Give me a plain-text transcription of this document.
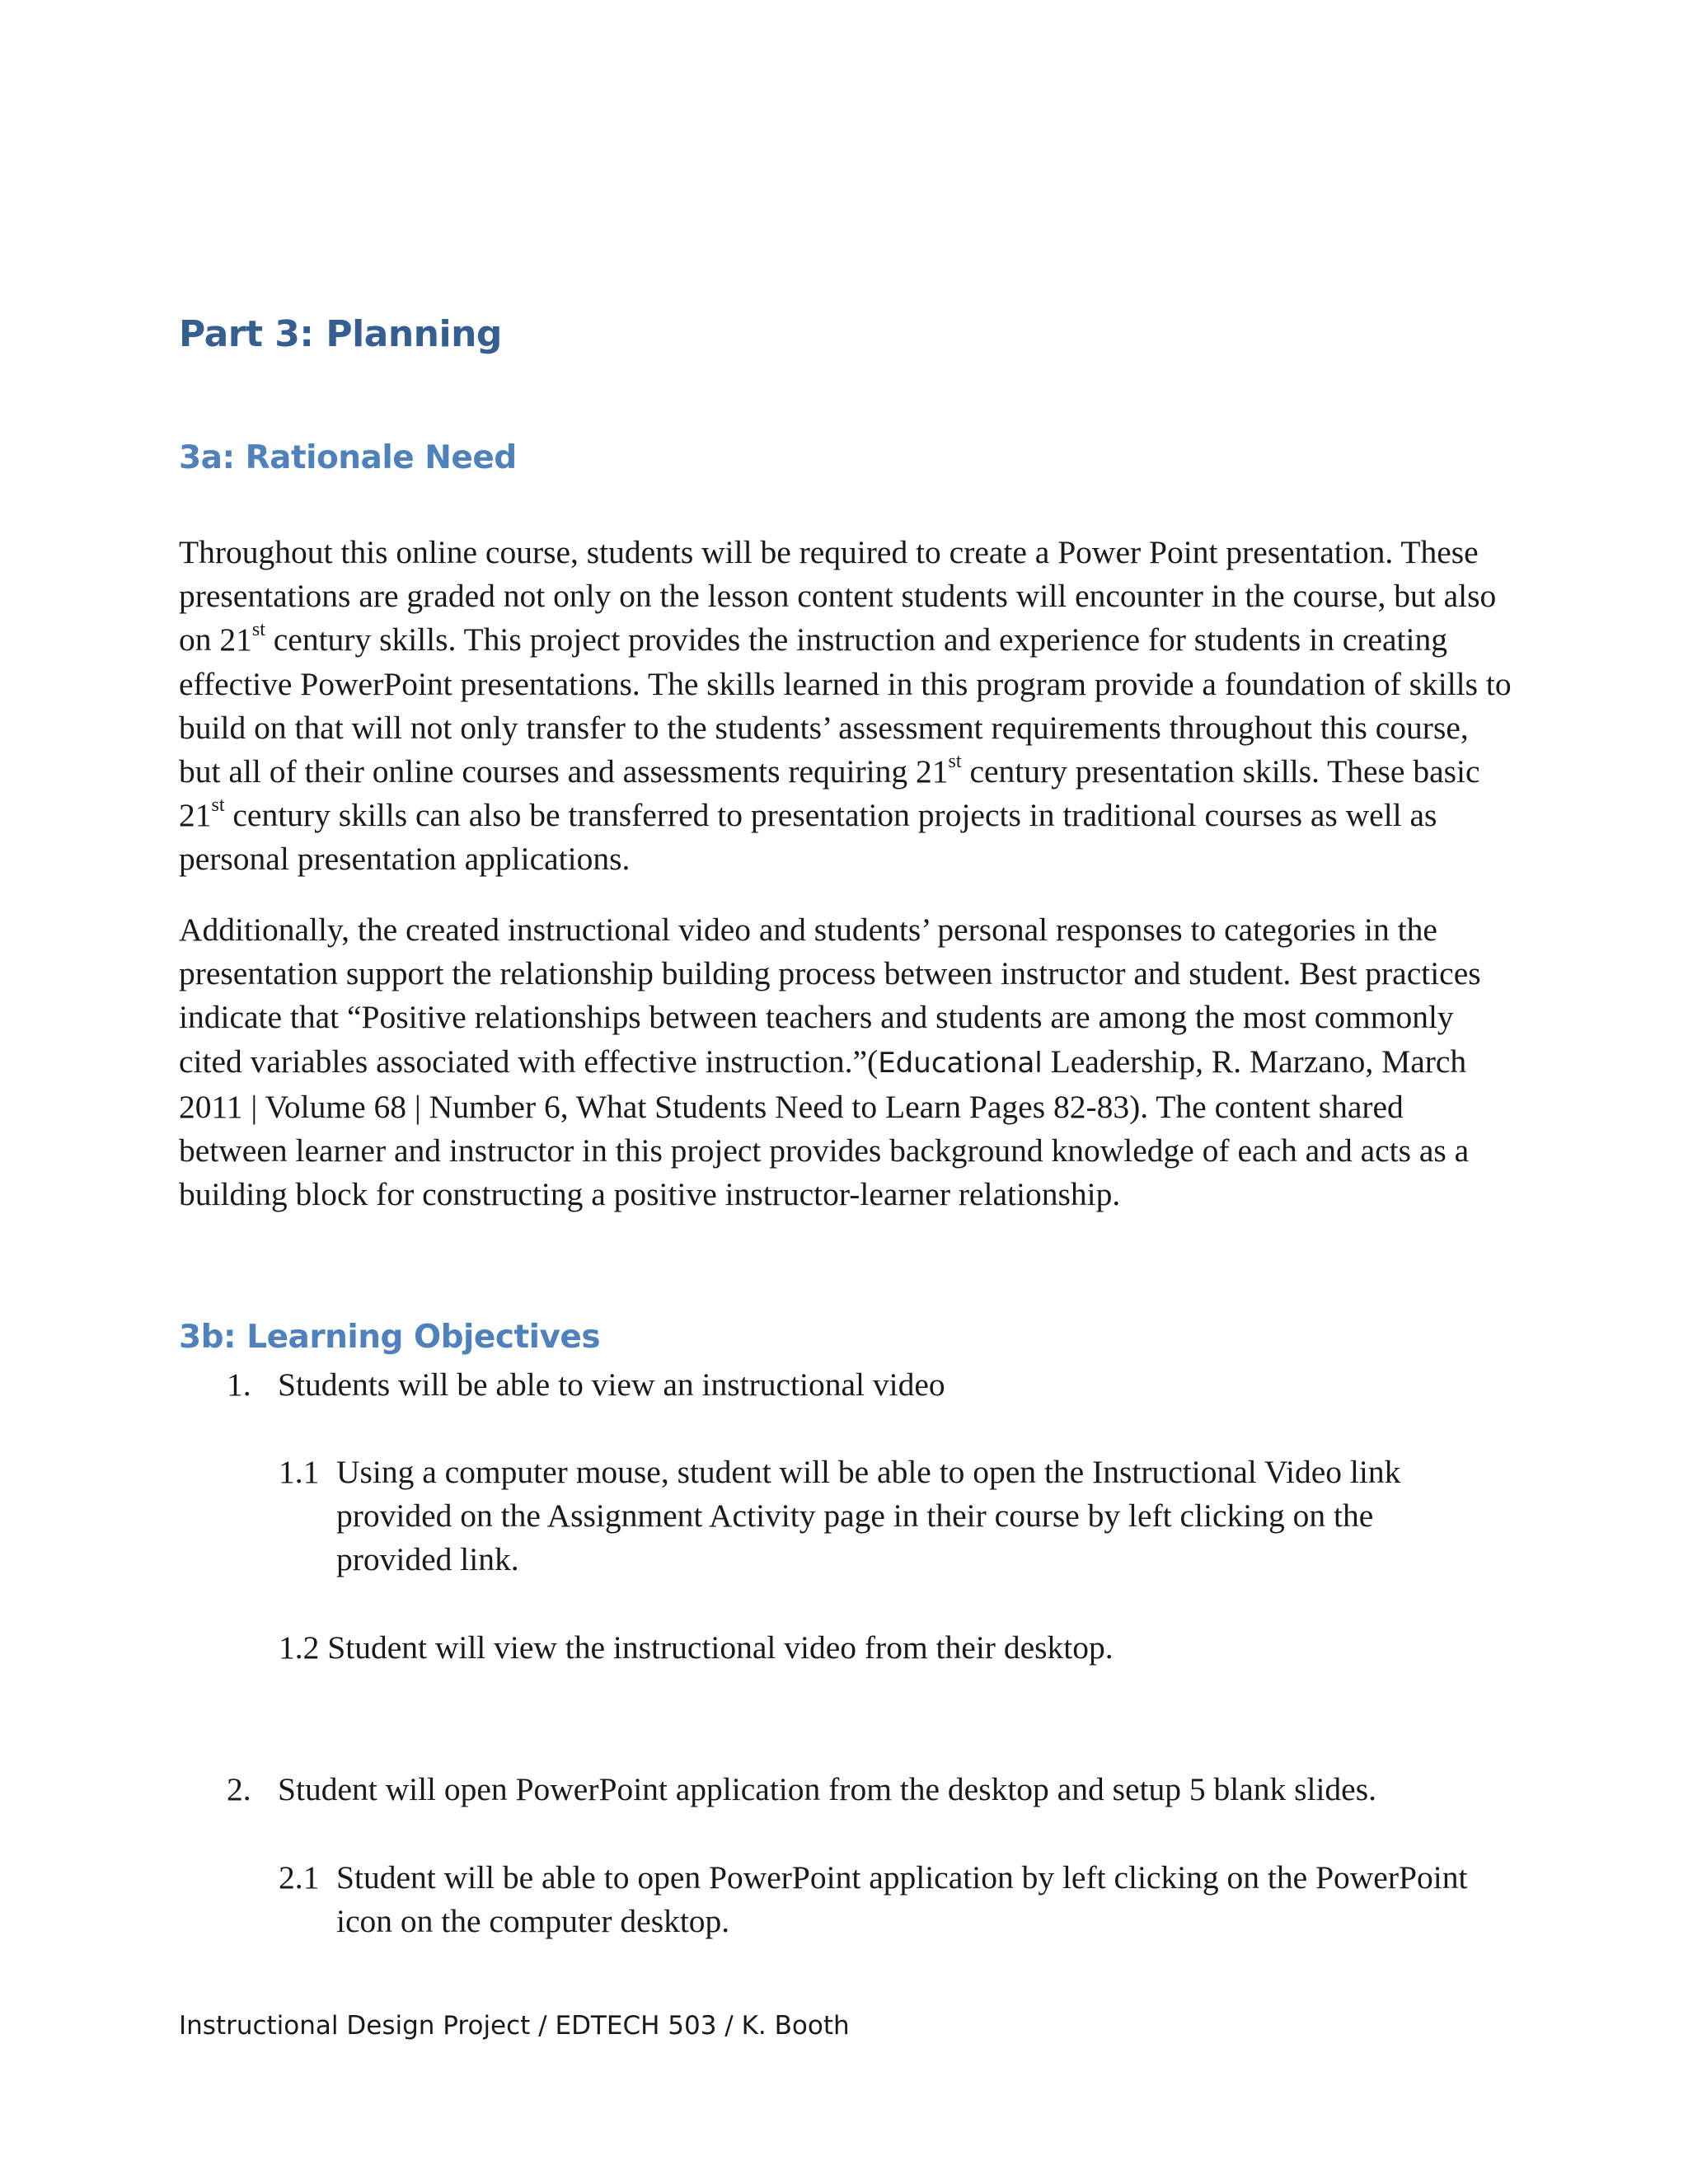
Part 3: Planning
3a: Rationale Need

Throughout this online course, students will be required to create a Power Point presentation. These presentations are graded not only on the lesson content students will encounter in the course, but also on 21st century skills. This project provides the instruction and experience for students in creating effective PowerPoint presentations. The skills learned in this program provide a foundation of skills to build on that will not only transfer to the students’ assessment requirements throughout this course, but all of their online courses and assessments requiring 21st century presentation skills. These basic 21st century skills can also be transferred to presentation projects in traditional courses as well as personal presentation applications.

Additionally, the created instructional video and students’ personal responses to categories in the presentation support the relationship building process between instructor and student. Best practices indicate that “Positive relationships between teachers and students are among the most commonly cited variables associated with effective instruction.”(Educational Leadership, R. Marzano, March 2011 | Volume 68 | Number 6, What Students Need to Learn Pages 82-83). The content shared between learner and instructor in this project provides background knowledge of each and acts as a building block for constructing a positive instructor-learner relationship.

3b: Learning Objectives
1. Students will be able to view an instructional video
1.1 Using a computer mouse, student will be able to open the Instructional Video link provided on the Assignment Activity page in their course by left clicking on the provided link.
1.2 Student will view the instructional video from their desktop.
2. Student will open PowerPoint application from the desktop and setup 5 blank slides.
2.1 Student will be able to open PowerPoint application by left clicking on the PowerPoint icon on the computer desktop.

Instructional Design Project / EDTECH 503 / K. Booth
